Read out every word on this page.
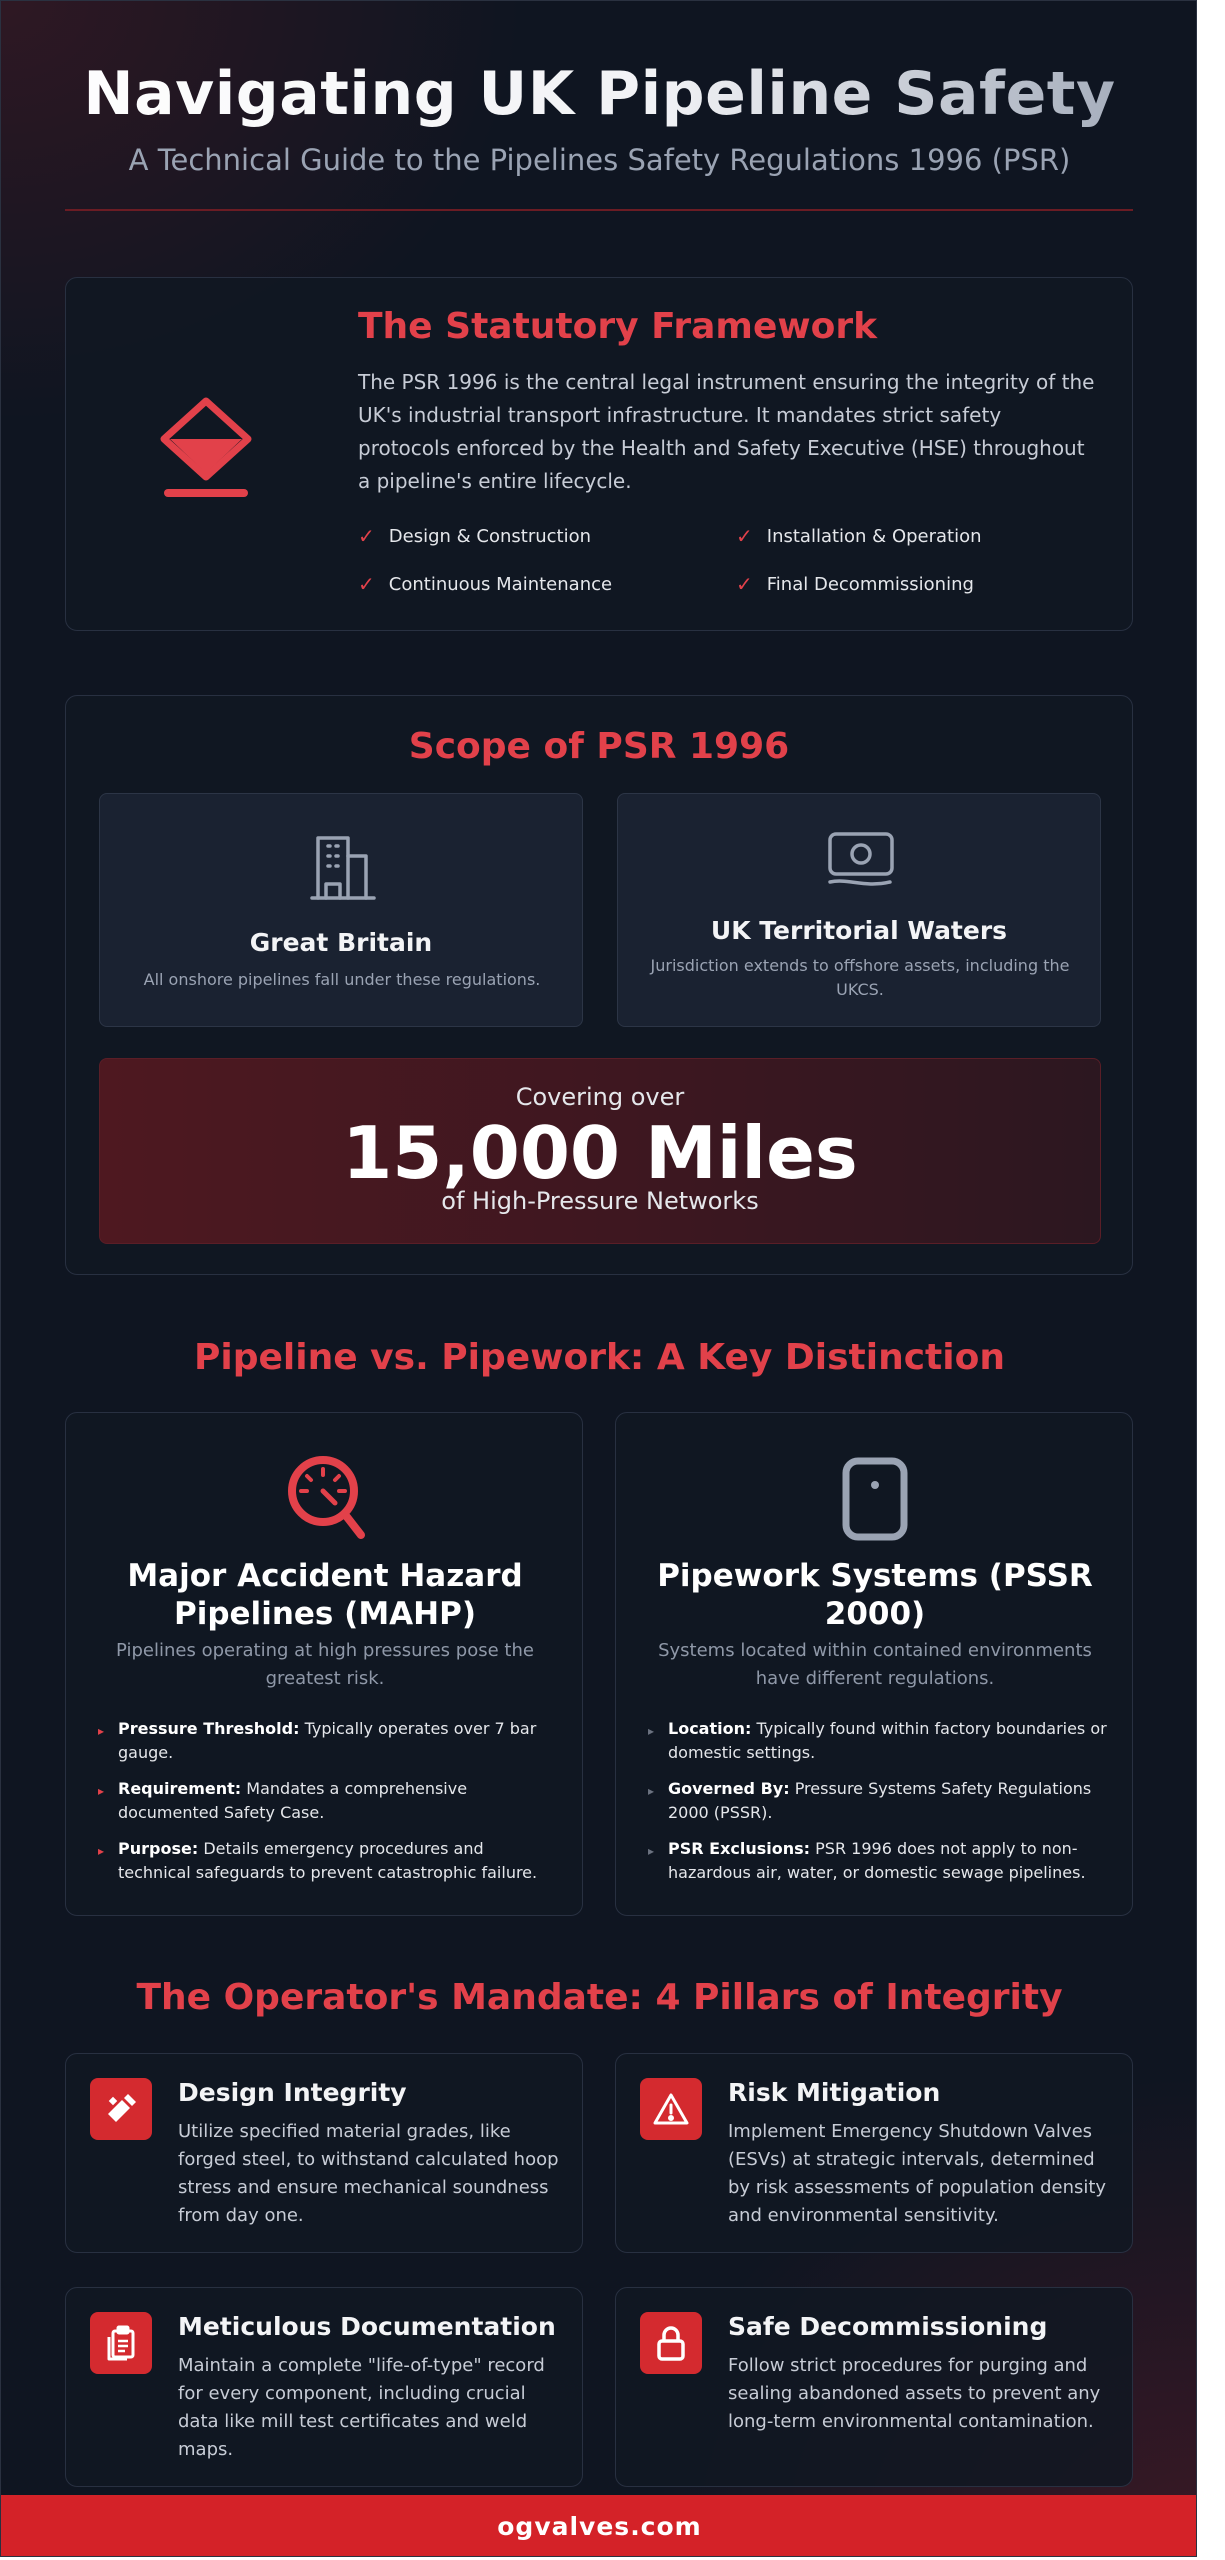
Navigating UK Pipeline Safety
A Technical Guide to the Pipelines Safety Regulations 1996 (PSR)
The Statutory Framework

The PSR 1996 is the central legal instrument ensuring the integrity of the UK's industrial transport infrastructure. It mandates strict safety protocols enforced by the Health and Safety Executive (HSE) throughout a pipeline's entire lifecycle.

✓ Design & Construction	✓ Installation & Operation
✓ Continuous Maintenance	✓ Final Decommissioning
Scope of PSR 1996
Great Britain
All onshore pipelines fall under these regulations.
UK Territorial Waters
Jurisdiction extends to offshore assets, including the UKCS.
Covering over
15,000 Miles
of High-Pressure Networks
Pipeline vs. Pipework: A Key Distinction
Major Accident Hazard Pipelines (MAHP)

Pipelines operating at high pressures pose the greatest risk.

▸ Pressure Threshold: Typically operates over 7 bar gauge.
▸ Requirement: Mandates a comprehensive documented Safety Case.
▸ Purpose: Details emergency procedures and technical safeguards to prevent catastrophic failure.
Pipework Systems (PSSR 2000)

Systems located within contained environments have different regulations.

▸ Location: Typically found within factory boundaries or domestic settings.
▸ Governed By: Pressure Systems Safety Regulations 2000 (PSSR).
▸ PSR Exclusions: PSR 1996 does not apply to non-hazardous air, water, or domestic sewage pipelines.
The Operator's Mandate: 4 Pillars of Integrity
Design Integrity

Utilize specified material grades, like forged steel, to withstand calculated hoop stress and ensure mechanical soundness from day one.

Risk Mitigation

Implement Emergency Shutdown Valves (ESVs) at strategic intervals, determined by risk assessments of population density and environmental sensitivity.

Meticulous Documentation

Maintain a complete "life-of-type" record for every component, including crucial data like mill test certificates and weld maps.

Safe Decommissioning

Follow strict procedures for purging and sealing abandoned assets to prevent any long-term environmental contamination.

ogvalves.com
